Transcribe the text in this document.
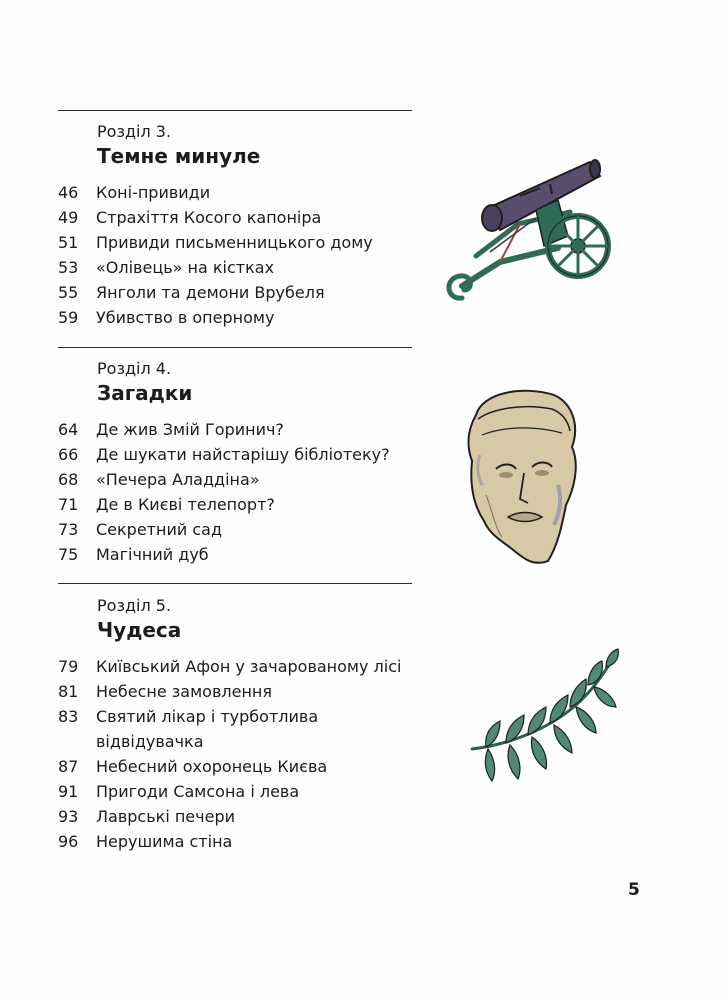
Розділ 3.
Темне минуле
46	Коні-привиди
49	Страхіття Косого капоніра
51	Привиди письменницького дому
53	«Олівець» на кістках
55	Янголи та демони Врубеля
59	Убивство в оперному
Розділ 4.
Загадки
64	Де жив Змій Горинич?
66	Де шукати найстарішу бібліотеку?
68	«Печера Аладдіна»
71	Де в Києві телепорт?
73	Секретний сад
75	Магічний дуб
Розділ 5.
Чудеса
79	Київський Афон у зачарованому лісі
81	Небесне замовлення
83	Святий лікар і турботлива
відвідувачка
87	Небесний охоронець Києва
91	Пригоди Самсона і лева
93	Лаврські печери
96	Нерушима стіна
5
